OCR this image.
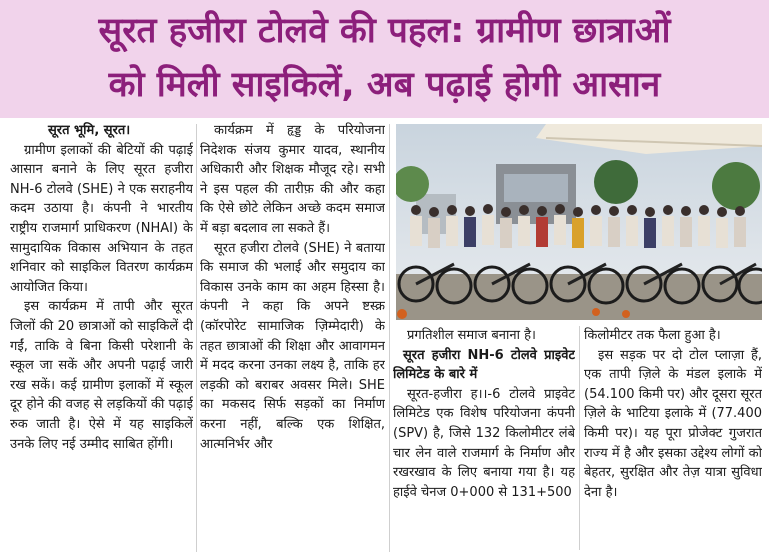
सूरत हजीरा टोलवे की पहल: ग्रामीण छात्राओं
को मिली साइकिलें, अब पढ़ाई होगी आसान

सूरत भूमि, सूरत।

ग्रामीण इलाकों की बेटियों की पढ़ाई आसान बनाने के लिए सूरत हजीरा NH-6 टोलवे (SHE) ने एक सराहनीय कदम उठाया है। कंपनी ने भारतीय राष्ट्रीय राजमार्ग प्राधिकरण (NHAI) के सामुदायिक विकास अभियान के तहत शनिवार को साइकिल वितरण कार्यक्रम आयोजित किया।

इस कार्यक्रम में तापी और सूरत जिलों की 20 छात्राओं को साइकिलें दी गईं, ताकि वे बिना किसी परेशानी के स्कूल जा सकें और अपनी पढ़ाई जारी रख सकें। कई ग्रामीण इलाकों में स्कूल दूर होने की वजह से लड़कियों की पढ़ाई रुक जाती है। ऐसे में यह साइकिलें उनके लिए नई उम्मीद साबित होंगी।

कार्यक्रम में हृड्ड के परियोजना निदेशक संजय कुमार यादव, स्थानीय अधिकारी और शिक्षक मौजूद रहे। सभी ने इस पहल की तारीफ़ की और कहा कि ऐसे छोटे लेकिन अच्छे कदम समाज में बड़ा बदलाव ला सकते हैं।

सूरत हजीरा टोलवे (SHE) ने बताया कि समाज की भलाई और समुदाय का विकास उनके काम का अहम हिस्सा है। कंपनी ने कहा कि अपने ष्टस्क्र (कॉरपोरेट सामाजिक ज़िम्मेदारी) के तहत छात्राओं की शिक्षा और आवागमन में मदद करना उनका लक्ष्य है, ताकि हर लड़की को बराबर अवसर मिले। SHE का मकसद सिर्फ सड़कों का निर्माण करना नहीं, बल्कि एक शिक्षित, आत्मनिर्भर और

प्रगतिशील समाज बनाना है।

सूरत हजीरा NH-6 टोलवे प्राइवेट लिमिटेड के बारे में

सूरत-हजीरा ह।।-6 टोलवे प्राइवेट लिमिटेड एक विशेष परियोजना कंपनी (SPV) है, जिसे 132 किलोमीटर लंबे चार लेन वाले राजमार्ग के निर्माण और रखरखाव के लिए बनाया गया है। यह हाईवे चेनज 0+000 से 131+500

किलोमीटर तक फैला हुआ है।

इस सड़क पर दो टोल प्लाज़ा हैं, एक तापी ज़िले के मंडल इलाके में (54.100 किमी पर) और दूसरा सूरत ज़िले के भाटिया इलाके में (77.400 किमी पर)। यह पूरा प्रोजेक्ट गुजरात राज्य में है और इसका उद्देश्य लोगों को बेहतर, सुरक्षित और तेज़ यात्रा सुविधा देना है।
